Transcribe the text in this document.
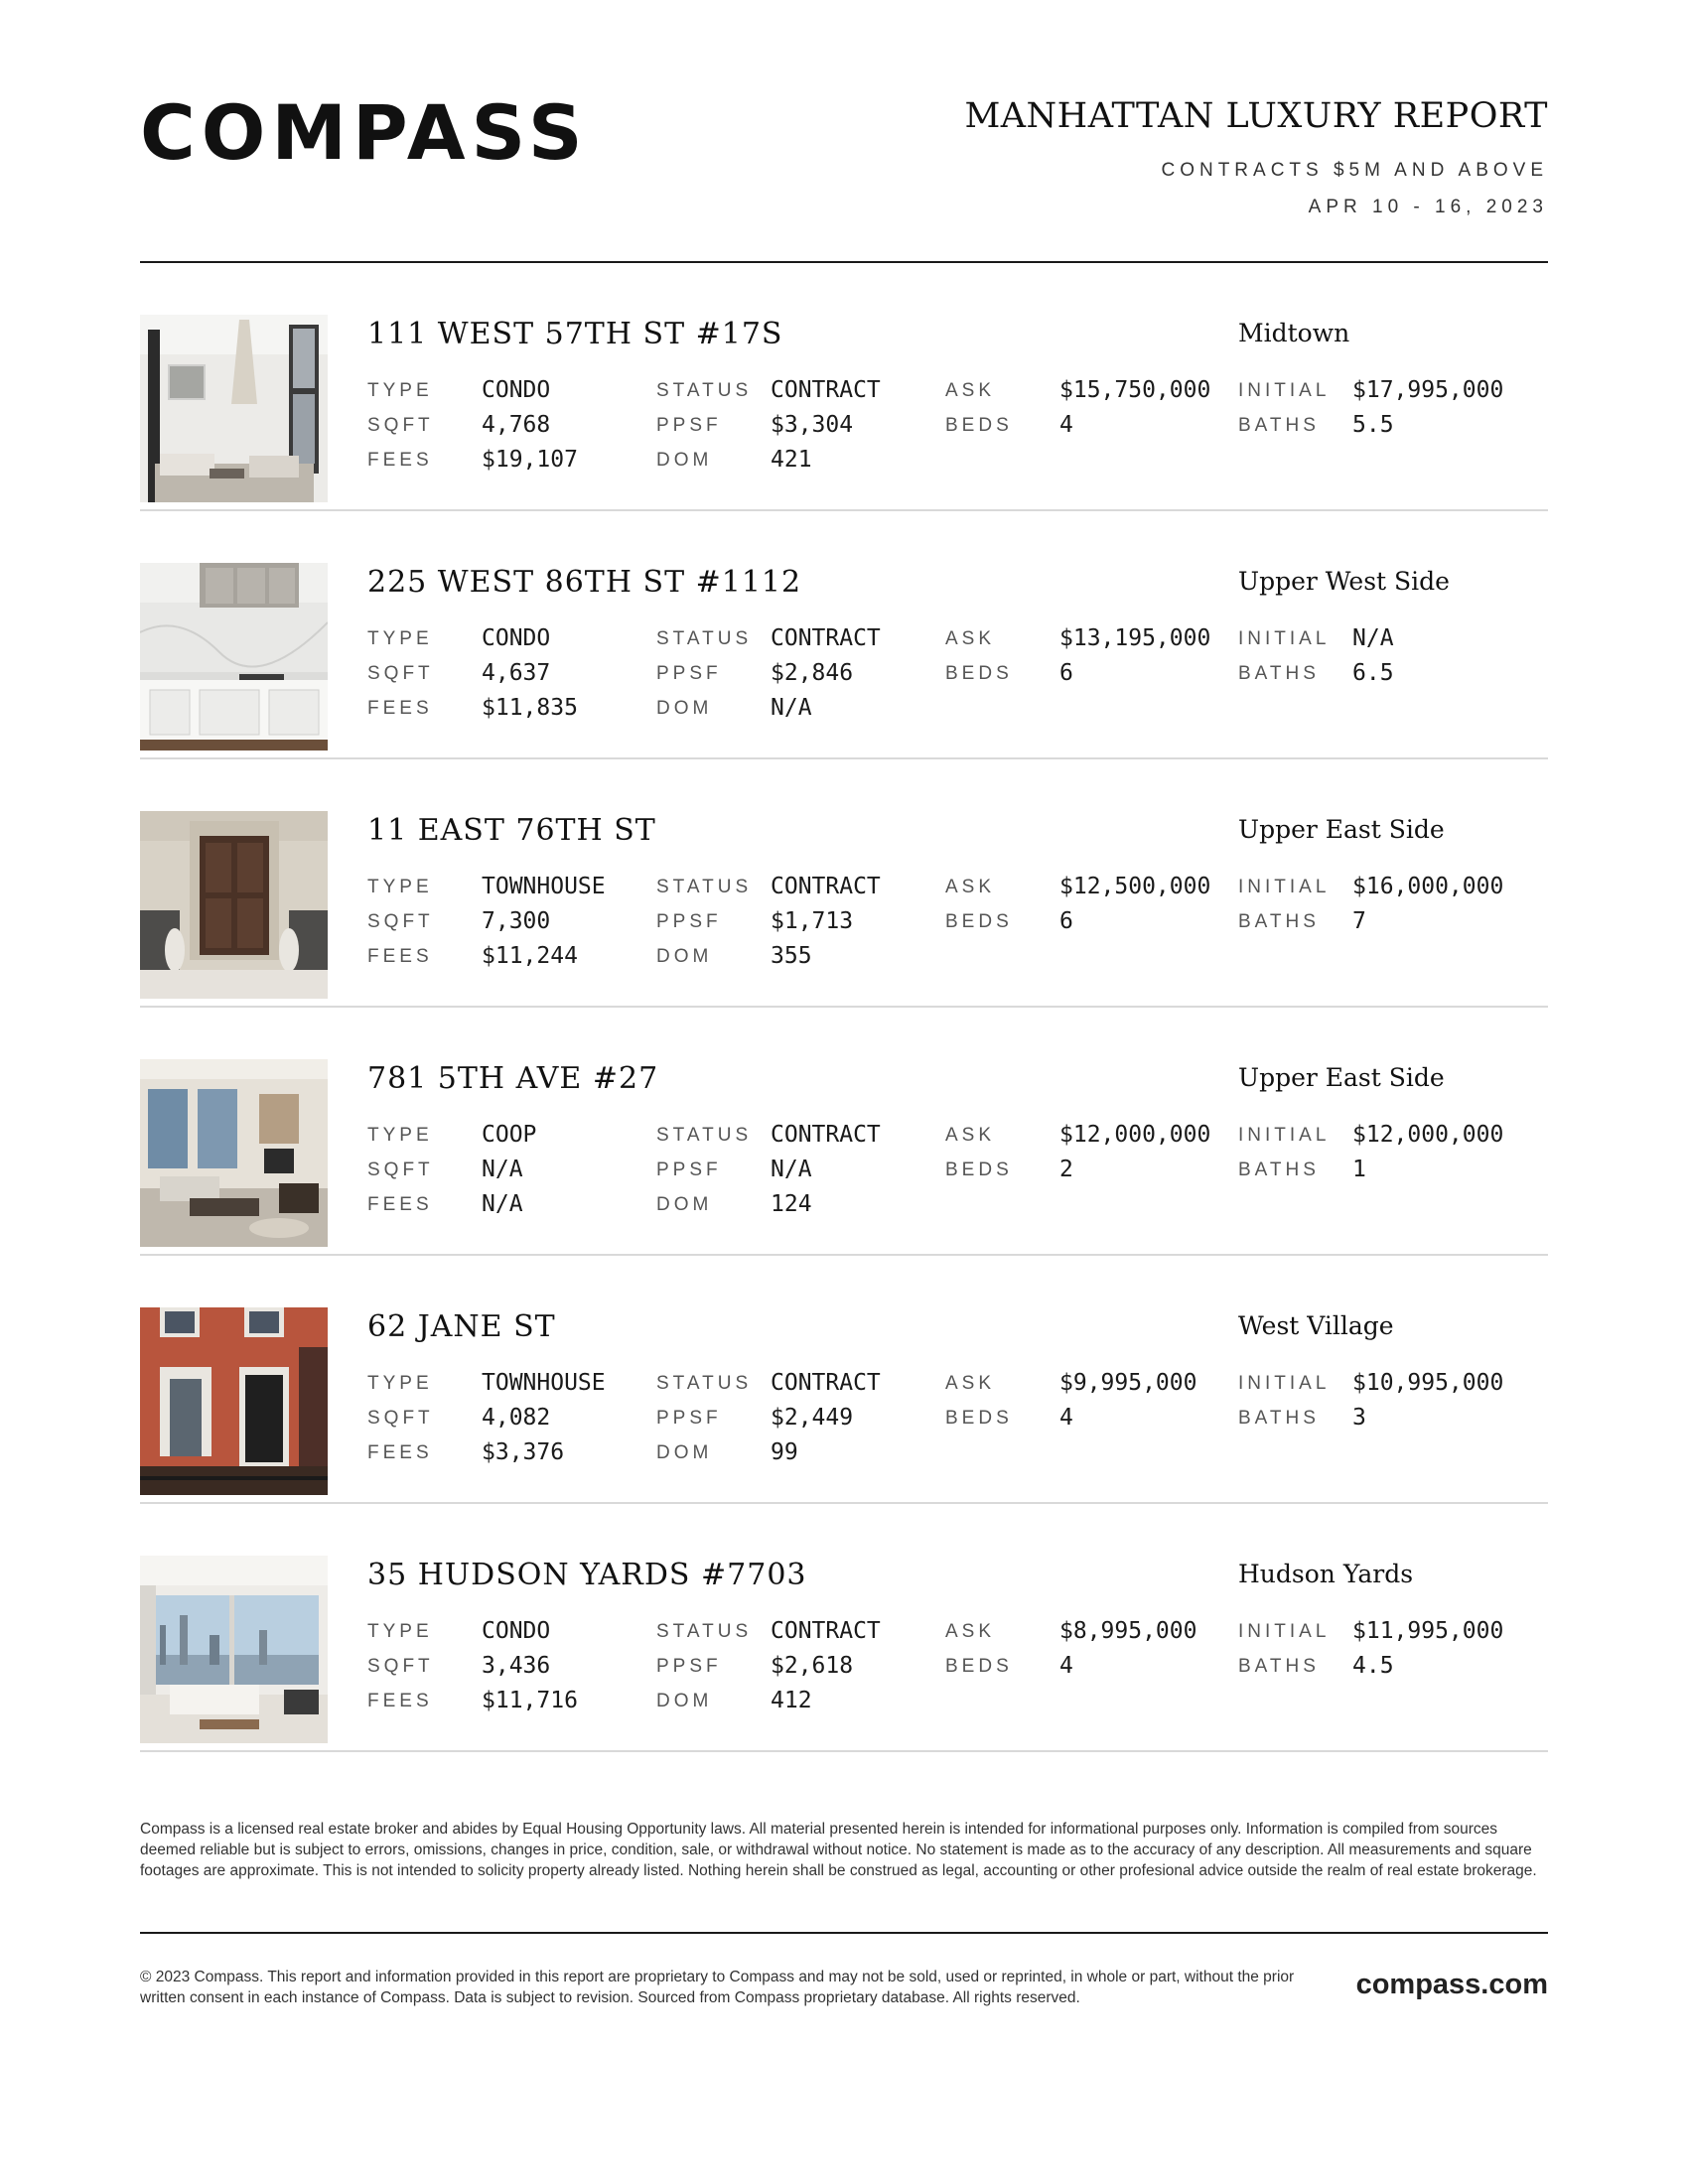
COMPASS	MANHATTAN LUXURY REPORT
CONTRACTS $5M AND ABOVE
APR 10 - 16, 2023
111 WEST 57TH ST #17S	Midtown
TYPE CONDO	STATUS CONTRACT	ASK	$15,750,000 INITIAL $17,995,000
SQFT 4,768	PPSF $3,304	BEDS 4	BATHS 5.5
FEES $19,107	DOM	421
225 WEST 86TH ST #1112	Upper West Side
TYPE CONDO	STATUS CONTRACT	ASK	$13,195,000 INITIAL N/A
SQFT 4,637	PPSF $2,846	BEDS 6	BATHS 6.5
FEES $11,835	DOM	N/A
11 EAST 76TH ST	Upper East Side
TYPE TOWNHOUSE	STATUS CONTRACT	ASK	$12,500,000 INITIAL $16,000,000
SQFT 7,300	PPSF $1,713	BEDS 6	BATHS 7
FEES $11,244	DOM	355
781 5TH AVE #27	Upper East Side
TYPE COOP	STATUS CONTRACT	ASK	$12,000,000 INITIAL $12,000,000
SQFT N/A	PPSF N/A	BEDS 2	BATHS 1
FEES N/A	DOM	124
62 JANE ST	West Village
TYPE TOWNHOUSE	STATUS CONTRACT	ASK	$9,995,000 INITIAL $10,995,000
SQFT 4,082	PPSF $2,449	BEDS 4	BATHS 3
FEES $3,376	DOM	99
35 HUDSON YARDS #7703	Hudson Yards
TYPE CONDO	STATUS CONTRACT	ASK	$8,995,000 INITIAL $11,995,000
SQFT 3,436	PPSF $2,618	BEDS 4	BATHS 4.5
FEES $11,716	DOM	412
Compass is a licensed real estate broker and abides by Equal Housing Opportunity laws. All material presented herein is intended for informational purposes only. Information is compiled from sources deemed reliable but is subject to errors, omissions, changes in price, condition, sale, or withdrawal without notice. No statement is made as to the accuracy of any description. All measurements and square footages are approximate. This is not intended to solicity property already listed. Nothing herein shall be construed as legal, accounting or other profesional advice outside the realm of real estate brokerage.
© 2023 Compass. This report and information provided in this report are proprietary to Compass and may not be sold, used or reprinted, in whole or part, without the prior written consent in each instance of Compass. Data is subject to revision. Sourced from Compass proprietary database. All rights reserved.	compass.com
